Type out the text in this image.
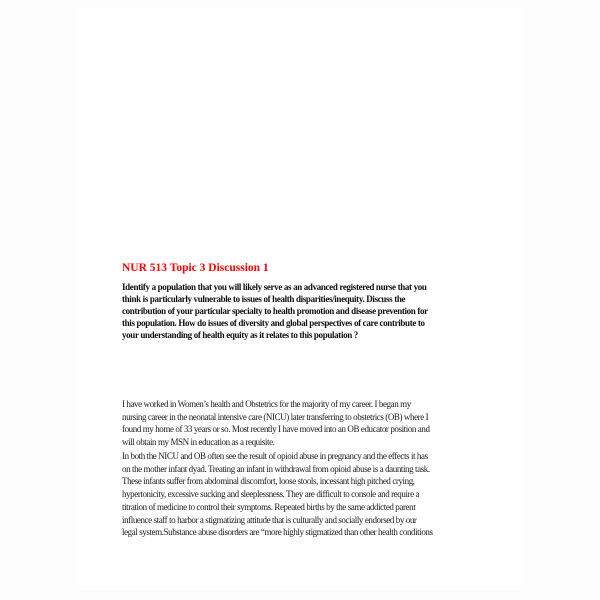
NUR 513 Topic 3 Discussion 1
Identify a population that you will likely serve as an advanced registered nurse that you
think is particularly vulnerable to issues of health disparities/inequity. Discuss the
contribution of your particular specialty to health promotion and disease prevention for
this population. How do issues of diversity and global perspectives of care contribute to
your understanding of health equity as it relates to this population ?
I have worked in Women’s health and Obstetrics for the majority of my career. I began my
nursing career in the neonatal intensive care (NICU) later transferring to obstetrics (OB) where I
found my home of 33 years or so. Most recently I have moved into an OB educator position and
will obtain my MSN in education as a requisite.
In both the NICU and OB often see the result of opioid abuse in pregnancy and the effects it has
on the mother infant dyad. Treating an infant in withdrawal from opioid abuse is a daunting task.
These infants suffer from abdominal discomfort, loose stools, incessant high pitched crying,
hypertonicity, excessive sucking and sleeplessness. They are difficult to console and require a
titration of medicine to control their symptoms. Repeated births by the same addicted parent
influence staff to harbor a stigmatizing attitude that is culturally and socially endorsed by our
legal system.Substance abuse disorders are “more highly stigmatized than other health conditions
